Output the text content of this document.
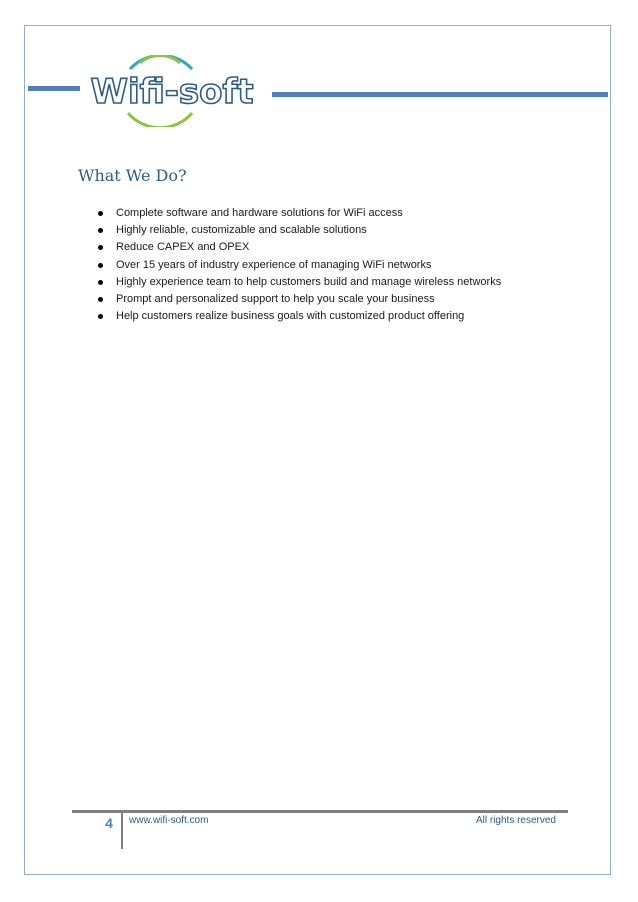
Wifi-soft
What We Do?
Complete software and hardware solutions for WiFi access
Highly reliable, customizable and scalable solutions
Reduce CAPEX and OPEX
Over 15 years of industry experience of managing WiFi networks
Highly experience team to help customers build and manage wireless networks
Prompt and personalized support to help you scale your business
Help customers realize business goals with customized product offering
4	www.wifi-soft.com	All rights reserved
